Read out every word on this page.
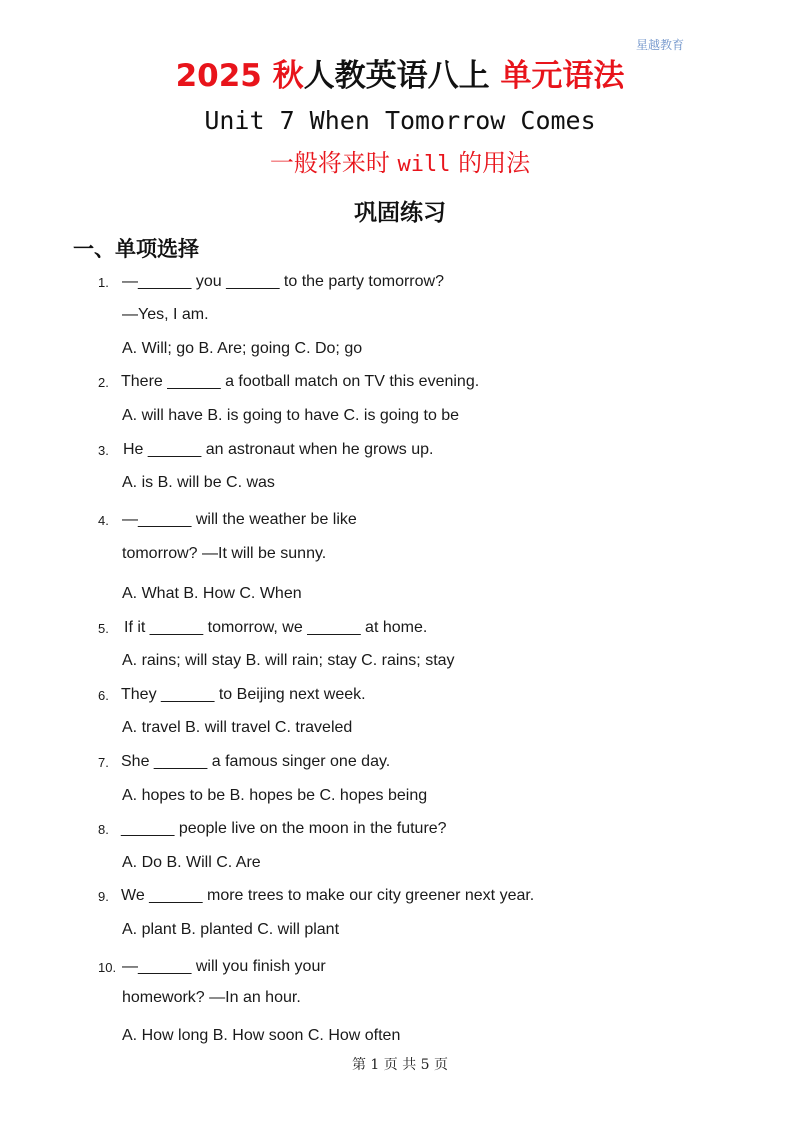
星越教育
2025 秋人教英语八上 单元语法
Unit 7 When Tomorrow Comes
一般将来时 will 的用法
巩固练习
一、单项选择
1. —______ you ______ to the party tomorrow?
—Yes, I am.
A. Will; go B. Are; going C. Do; go
2. There ______ a football match on TV this evening.
A. will have B. is going to have C. is going to be
3. He ______ an astronaut when he grows up.
A. is B. will be C. was
4. —______ will the weather be like
tomorrow? —It will be sunny.
A. What B. How C. When
5. If it ______ tomorrow, we ______ at home.
A. rains; will stay B. will rain; stay C. rains; stay
6. They ______ to Beijing next week.
A. travel B. will travel C. traveled
7. She ______ a famous singer one day.
A. hopes to be B. hopes be C. hopes being
8. ______ people live on the moon in the future?
A. Do B. Will C. Are
9. We ______ more trees to make our city greener next year.
A. plant B. planted C. will plant
10. —______ will you finish your
homework? —In an hour.
A. How long B. How soon C. How often
第 1 页 共 5 页
